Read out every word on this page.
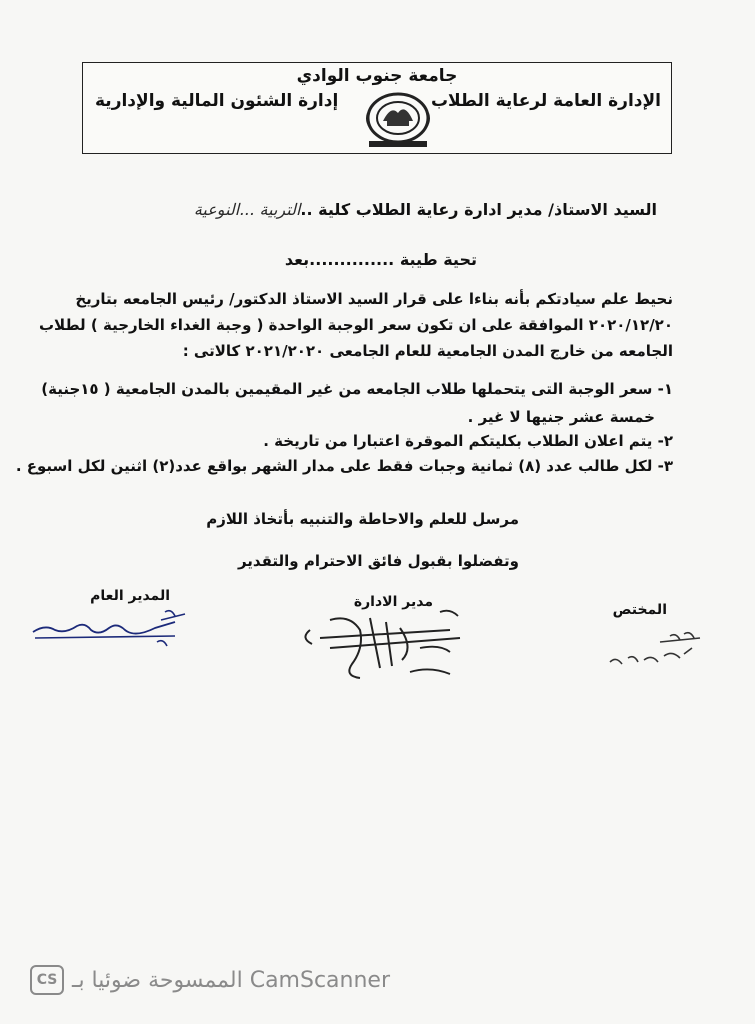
جامعة جنوب الوادي
الإدارة العامة لرعاية الطلاب
إدارة الشئون المالية والإدارية
السيد الاستاذ/ مدير ادارة رعاية الطلاب كلية ..التربية ...النوعية
تحية طيبة ..............بعد
نحيط علم سيادتكم بأنه بناءا على قرار السيد الاستاذ الدكتور/ رئيس الجامعه بتاريخ
٢٠٢٠/١٢/٢٠ الموافقة على ان تكون سعر الوجبة الواحدة ( وجبة الغداء الخارجية ) لطلاب
الجامعه من خارج المدن الجامعية للعام الجامعى ٢٠٢١/٢٠٢٠ كالاتى :
١- سعر الوجبة التى يتحملها طلاب الجامعه من غير المقيمين بالمدن الجامعية ( ١٥جنية)
خمسة عشر جنيها لا غير .
٢- يتم اعلان الطلاب بكليتكم الموقرة اعتبارا من تاريخة .
٣- لكل طالب عدد (٨) ثمانية وجبات فقط على مدار الشهر بواقع عدد(٢) اثنين لكل اسبوع .
مرسل للعلم والاحاطة والتنبيه بأتخاذ اللازم
وتفضلوا بقبول فائق الاحترام والتقدير
المختص
مدير الادارة
المدير العام
CS CamScanner الممسوحة ضوئيا بـ
